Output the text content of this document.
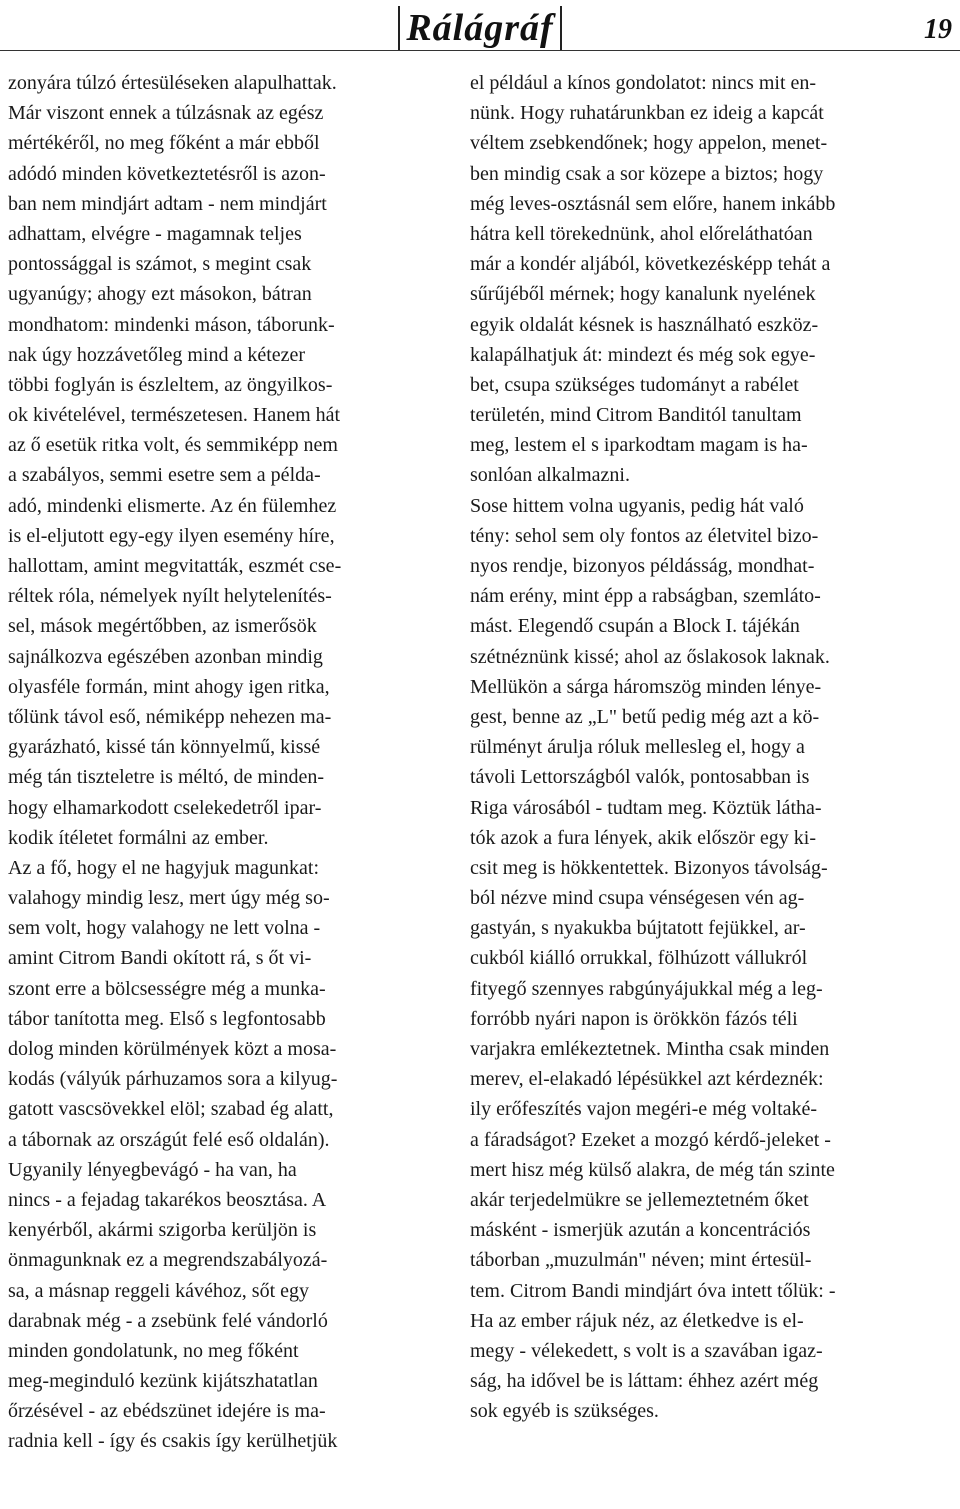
Rálágráf	19
zonyára túlzó értesüléseken alapulhattak.
Már viszont ennek a túlzásnak az egész
mértékéről, no meg főként a már ebből
adódó minden következtetésről is azon-
ban nem mindjárt adtam - nem mindjárt
adhattam, elvégre - magamnak teljes
pontossággal is számot, s megint csak
ugyanúgy; ahogy ezt másokon, bátran
mondhatom: mindenki máson, táborunk-
nak úgy hozzávetőleg mind a kétezer
többi foglyán is észleltem, az öngyilkos-
ok kivételével, természetesen. Hanem hát
az ő esetük ritka volt, és semmiképp nem
a szabályos, semmi esetre sem a példa-
adó, mindenki elismerte. Az én fülemhez
is el-eljutott egy-egy ilyen esemény híre,
hallottam, amint megvitatták, eszmét cse-
réltek róla, némelyek nyílt helytelenítés-
sel, mások megértőbben, az ismerősök
sajnálkozva egészében azonban mindig
olyasféle formán, mint ahogy igen ritka,
tőlünk távol eső, némiképp nehezen ma-
gyarázható, kissé tán könnyelmű, kissé
még tán tiszteletre is méltó, de minden-
hogy elhamarkodott cselekedetről ipar-
kodik ítéletet formálni az ember.
Az a fő, hogy el ne hagyjuk magunkat:
valahogy mindig lesz, mert úgy még so-
sem volt, hogy valahogy ne lett volna -
amint Citrom Bandi okított rá, s őt vi-
szont erre a bölcsességre még a munka-
tábor tanította meg. Első s legfontosabb
dolog minden körülmények közt a mosa-
kodás (vályúk párhuzamos sora a kilyug-
gatott vascsövekkel elöl; szabad ég alatt,
a tábornak az országút felé eső oldalán).
Ugyanily lényegbevágó - ha van, ha
nincs - a fejadag takarékos beosztása. A
kenyérből, akármi szigorba kerüljön is
önmagunknak ez a megrendszabályozá-
sa, a másnap reggeli kávéhoz, sőt egy
darabnak még - a zsebünk felé vándorló
minden gondolatunk, no meg főként
meg-meginduló kezünk kijátszhatatlan
őrzésével - az ebédszünet idejére is ma-
radnia kell - így és csakis így kerülhetjük
el például a kínos gondolatot: nincs mit en-
nünk. Hogy ruhatárunkban ez ideig a kapcát
véltem zsebkendőnek; hogy appelon, menet-
ben mindig csak a sor közepe a biztos; hogy
még leves-osztásnál sem előre, hanem inkább
hátra kell törekednünk, ahol előreláthatóan
már a kondér aljából, következésképp tehát a
sűrűjéből mérnek; hogy kanalunk nyelének
egyik oldalát késnek is használható eszköz-
kalapálhatjuk át: mindezt és még sok egye-
bet, csupa szükséges tudományt a rabélet
területén, mind Citrom Banditól tanultam
meg, lestem el s iparkodtam magam is ha-
sonlóan alkalmazni.
Sose hittem volna ugyanis, pedig hát való
tény: sehol sem oly fontos az életvitel bizo-
nyos rendje, bizonyos példásság, mondhat-
nám erény, mint épp a rabságban, szemláto-
mást. Elegendő csupán a Block I. tájékán
szétnéznünk kissé; ahol az őslakosok laknak.
Mellükön a sárga háromszög minden lénye-
gest, benne az „L" betű pedig még azt a kö-
rülményt árulja róluk mellesleg el, hogy a
távoli Lettországból valók, pontosabban is
Riga városából - tudtam meg. Köztük látha-
tók azok a fura lények, akik először egy ki-
csit meg is hökkentettek. Bizonyos távolság-
ból nézve mind csupa vénségesen vén ag-
gastyán, s nyakukba bújtatott fejükkel, ar-
cukból kiálló orrukkal, fölhúzott vállukról
fityegő szennyes rabgúnyájukkal még a leg-
forróbb nyári napon is örökkön fázós téli
varjakra emlékeztetnek. Mintha csak minden
merev, el-elakadó lépésükkel azt kérdeznék:
ily erőfeszítés vajon megéri-e még voltaké-
a fáradságot? Ezeket a mozgó kérdő-jeleket -
mert hisz még külső alakra, de még tán szinte
akár terjedelmükre se jellemeztetném őket
másként - ismerjük azután a koncentrációs
táborban „muzulmán" néven; mint értesül-
tem. Citrom Bandi mindjárt óva intett tőlük: -
Ha az ember rájuk néz, az életkedve is el-
megy - vélekedett, s volt is a szavában igaz-
ság, ha idővel be is láttam: éhhez azért még
sok egyéb is szükséges.
